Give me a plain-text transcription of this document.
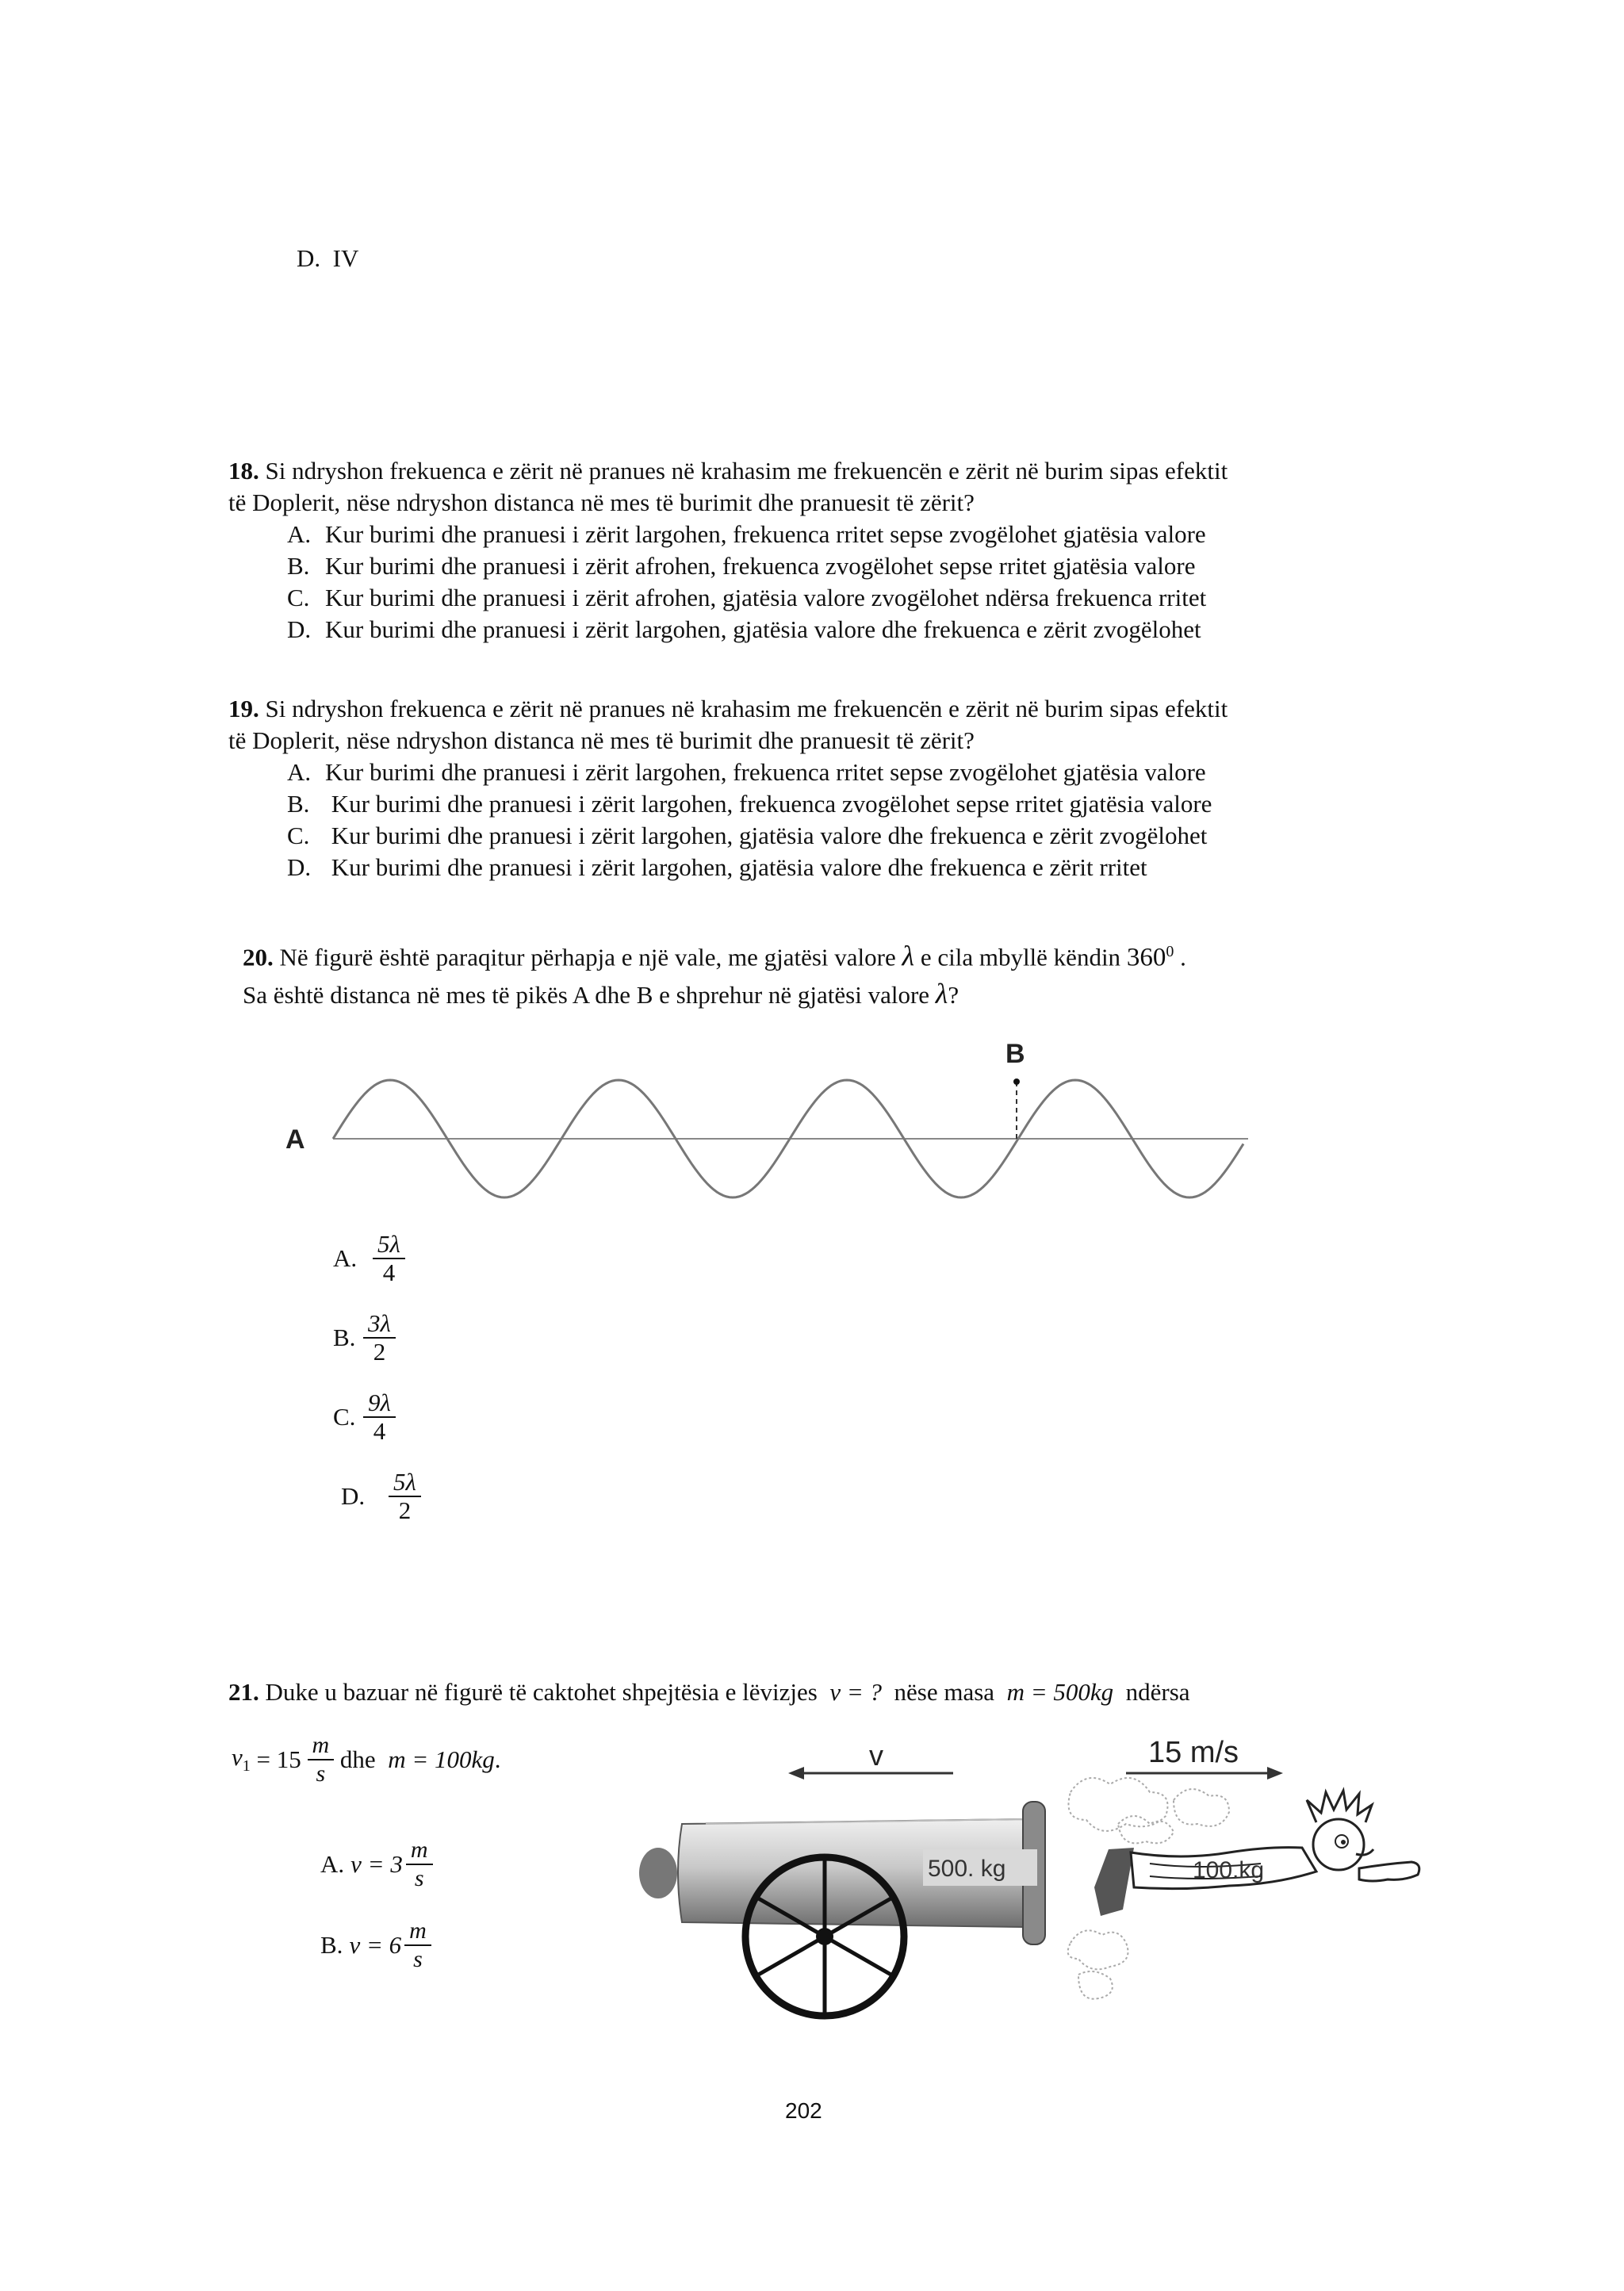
D. IV
18. Si ndryshon frekuenca e zërit në pranues në krahasim me frekuencën e zërit në burim sipas efektit
të Doplerit, nëse ndryshon distanca në mes të burimit dhe pranuesit të zërit?
A. Kur burimi dhe pranuesi i zërit largohen, frekuenca rritet sepse zvogëlohet gjatësia valore
B. Kur burimi dhe pranuesi i zërit afrohen, frekuenca zvogëlohet sepse rritet gjatësia valore
C. Kur burimi dhe pranuesi i zërit afrohen, gjatësia valore zvogëlohet ndërsa frekuenca rritet
D. Kur burimi dhe pranuesi i zërit largohen, gjatësia valore dhe frekuenca e zërit zvogëlohet
19. Si ndryshon frekuenca e zërit në pranues në krahasim me frekuencën e zërit në burim sipas efektit
të Doplerit, nëse ndryshon distanca në mes të burimit dhe pranuesit të zërit?
A. Kur burimi dhe pranuesi i zërit largohen, frekuenca rritet sepse zvogëlohet gjatësia valore
B. Kur burimi dhe pranuesi i zërit largohen, frekuenca zvogëlohet sepse rritet gjatësia valore
C. Kur burimi dhe pranuesi i zërit largohen, gjatësia valore dhe frekuenca e zërit zvogëlohet
D. Kur burimi dhe pranuesi i zërit largohen, gjatësia valore dhe frekuenca e zërit rritet
20. Në figurë është paraqitur përhapja e një vale, me gjatësi valore λ e cila mbyllë këndin $360^0$ .
Sa është distanca në mes të pikës A dhe B e shprehur në gjatësi valore λ?
A
B
A. $\frac{5\lambda}{4}$
B. $\frac{3\lambda}{2}$
C. $\frac{9\lambda}{4}$
D. $\frac{5\lambda}{2}$
21. Duke u bazuar në figurë të caktohet shpejtësia e lëvizjes v = ? nëse masa m = 500kg ndërsa
$v_1 = 15 \frac{m}{s}$ dhe m = 100kg.
A. $v = 3 \frac{m}{s}$
B. $v = 6 \frac{m}{s}$
v	15 m/s
500. kg	100.kg
202
